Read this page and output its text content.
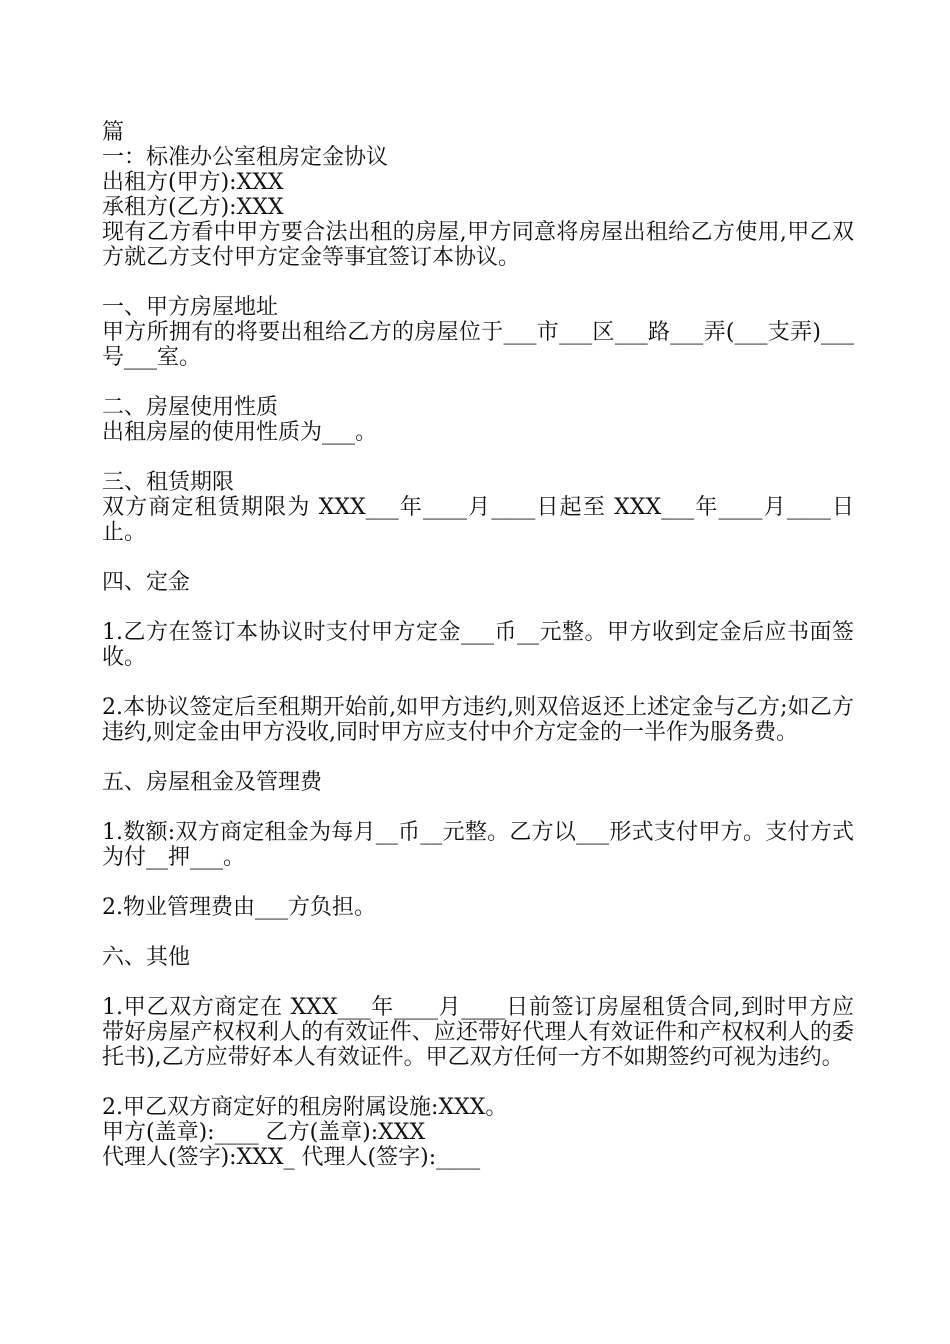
篇
一：标准办公室租房定金协议
出租方(甲方):XXX
承租方(乙方):XXX
现有乙方看中甲方要合法出租的房屋,甲方同意将房屋出租给乙方使用,甲乙双方就乙方支付甲方定金等事宜签订本协议。
一、甲方房屋地址
甲方所拥有的将要出租给乙方的房屋位于___市___区___路___弄(___支弄)___号___室。
二、房屋使用性质
出租房屋的使用性质为___。
三、租赁期限
双方商定租赁期限为 XXX___年____月____日起至 XXX___年____月____日止。
四、定金
1.乙方在签订本协议时支付甲方定金___币__元整。甲方收到定金后应书面签收。
2.本协议签定后至租期开始前,如甲方违约,则双倍返还上述定金与乙方;如乙方违约,则定金由甲方没收,同时甲方应支付中介方定金的一半作为服务费。
五、房屋租金及管理费
1.数额:双方商定租金为每月__币__元整。乙方以___形式支付甲方。支付方式为付__押___。
2.物业管理费由___方负担。
六、其他
1.甲乙双方商定在 XXX___年____月____日前签订房屋租赁合同,到时甲方应带好房屋产权权利人的有效证件、应还带好代理人有效证件和产权权利人的委托书),乙方应带好本人有效证件。甲乙双方任何一方不如期签约可视为违约。
2.甲乙双方商定好的租房附属设施:XXX。
甲方(盖章):____ 乙方(盖章):XXX
代理人(签字):XXX_ 代理人(签字):____
